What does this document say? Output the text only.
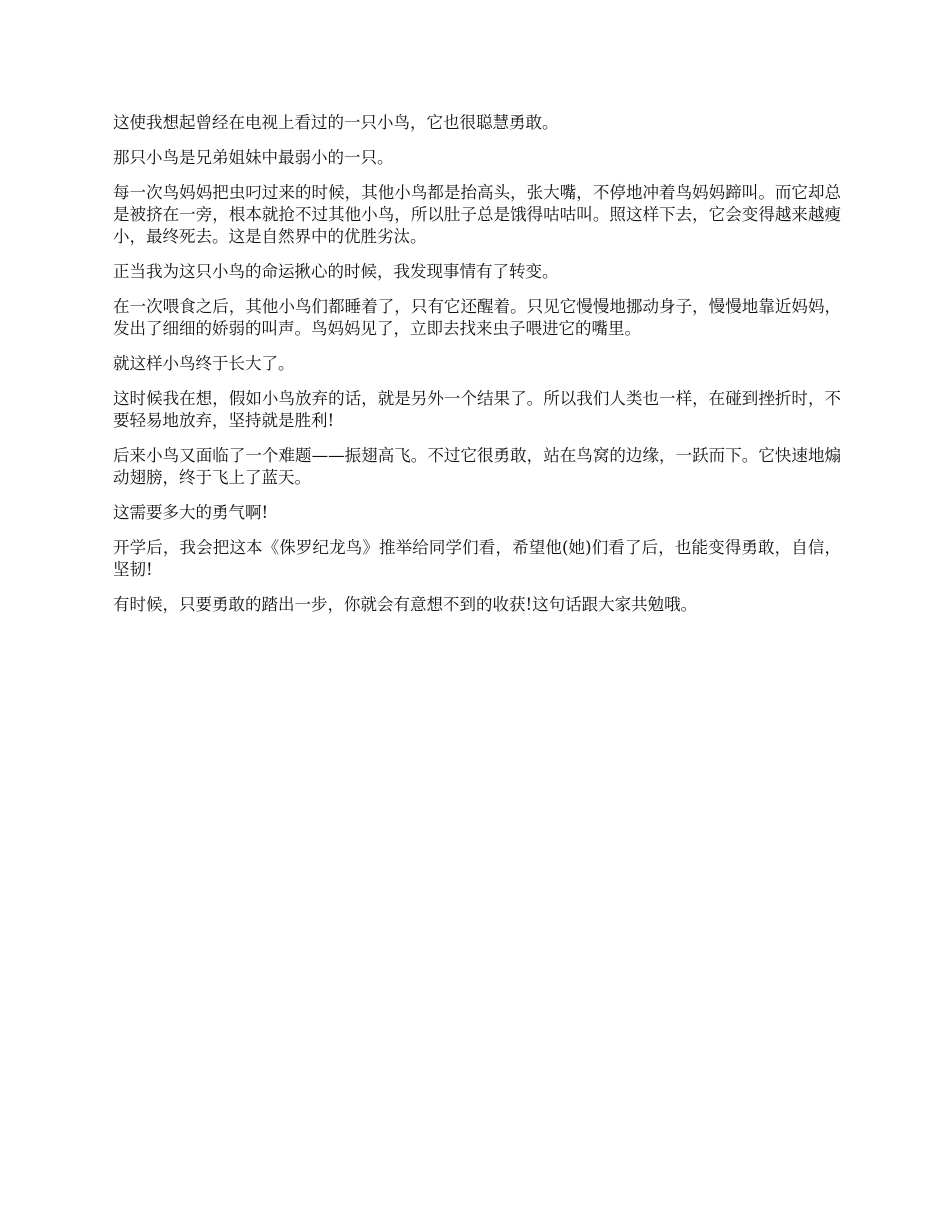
这使我想起曾经在电视上看过的一只小鸟，它也很聪慧勇敢。

那只小鸟是兄弟姐妹中最弱小的一只。

每一次鸟妈妈把虫叼过来的时候，其他小鸟都是抬高头，张大嘴，不停地冲着鸟妈妈蹄叫。而它却总是被挤在一旁，根本就抢不过其他小鸟，所以肚子总是饿得咕咕叫。照这样下去，它会变得越来越瘦小，最终死去。这是自然界中的优胜劣汰。

正当我为这只小鸟的命运揪心的时候，我发现事情有了转变。

在一次喂食之后，其他小鸟们都睡着了，只有它还醒着。只见它慢慢地挪动身子，慢慢地靠近妈妈，发出了细细的娇弱的叫声。鸟妈妈见了，立即去找来虫子喂进它的嘴里。

就这样小鸟终于长大了。

这时候我在想，假如小鸟放弃的话，就是另外一个结果了。所以我们人类也一样，在碰到挫折时，不要轻易地放弃，坚持就是胜利!

后来小鸟又面临了一个难题——振翅高飞。不过它很勇敢，站在鸟窝的边缘，一跃而下。它快速地煽动翅膀，终于飞上了蓝天。

这需要多大的勇气啊!

开学后，我会把这本《侏罗纪龙鸟》推举给同学们看，希望他(她)们看了后，也能变得勇敢，自信，坚韧!

有时候，只要勇敢的踏出一步，你就会有意想不到的收获!这句话跟大家共勉哦。
